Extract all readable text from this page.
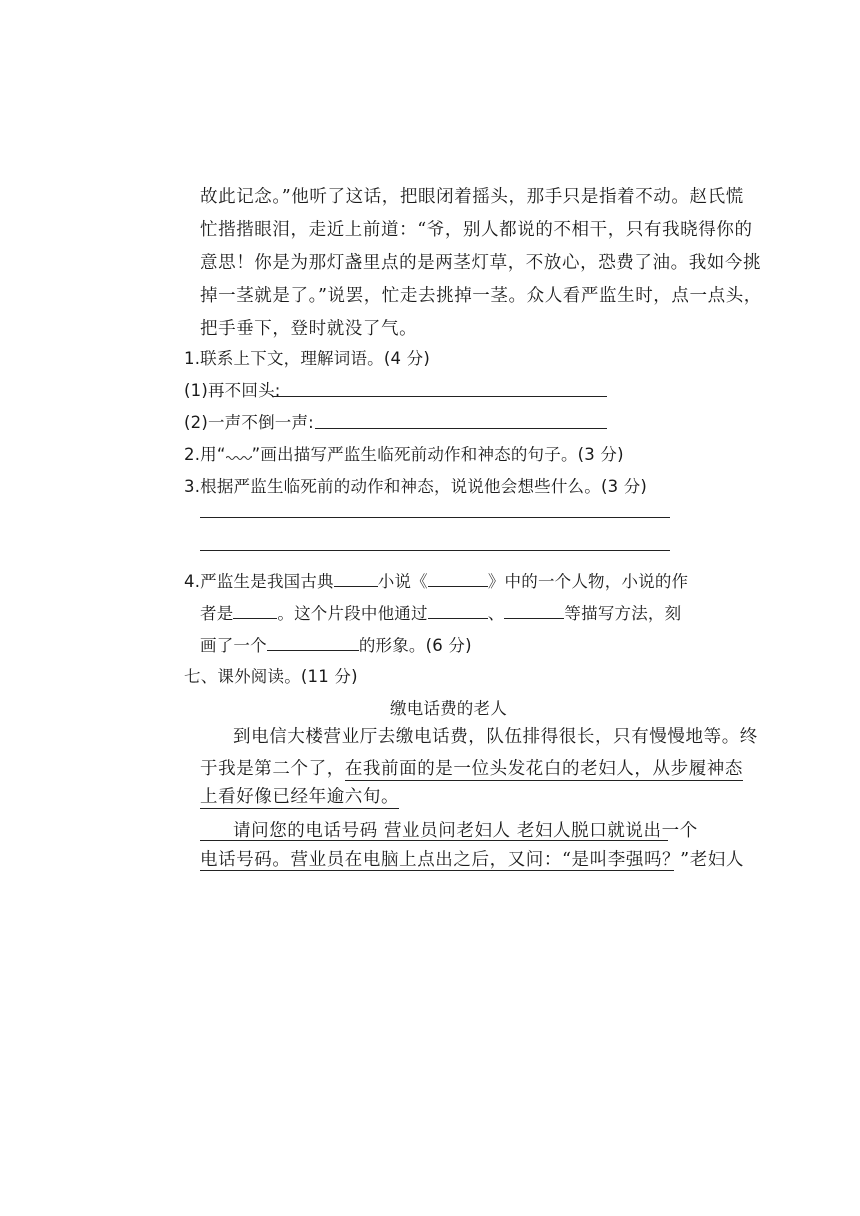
故此记念。”他听了这话，把眼闭着摇头，那手只是指着不动。赵氏慌
忙揩揩眼泪，走近上前道：“爷，别人都说的不相干，只有我晓得你的
意思！你是为那灯盏里点的是两茎灯草，不放心，恐费了油。我如今挑
掉一茎就是了。”说罢，忙走去挑掉一茎。众人看严监生时，点一点头，
把手垂下，登时就没了气。
1.联系上下文，理解词语。(4 分)
(1)再不回头:
(2)一声不倒一声:
2.用“ ”画出描写严监生临死前动作和神态的句子。(3 分)
3.根据严监生临死前的动作和神态，说说他会想些什么。(3 分)
4.严监生是我国古典	小说《	》中的一个人物，小说的作
者是	。这个片段中他通过	、	等描写方法，刻
画了一个	的形象。(6 分)
七、课外阅读。(11 分)
缴电话费的老人
到电信大楼营业厅去缴电话费，队伍排得很长，只有慢慢地等。终
于我是第二个了，在我前面的是一位头发花白的老妇人，从步履神态
上看好像已经年逾六旬。
请问您的电话号码 营业员问老妇人 老妇人脱口就说出一个
电话号码。营业员在电脑上点出之后，又问：“是叫李强吗？”老妇人
